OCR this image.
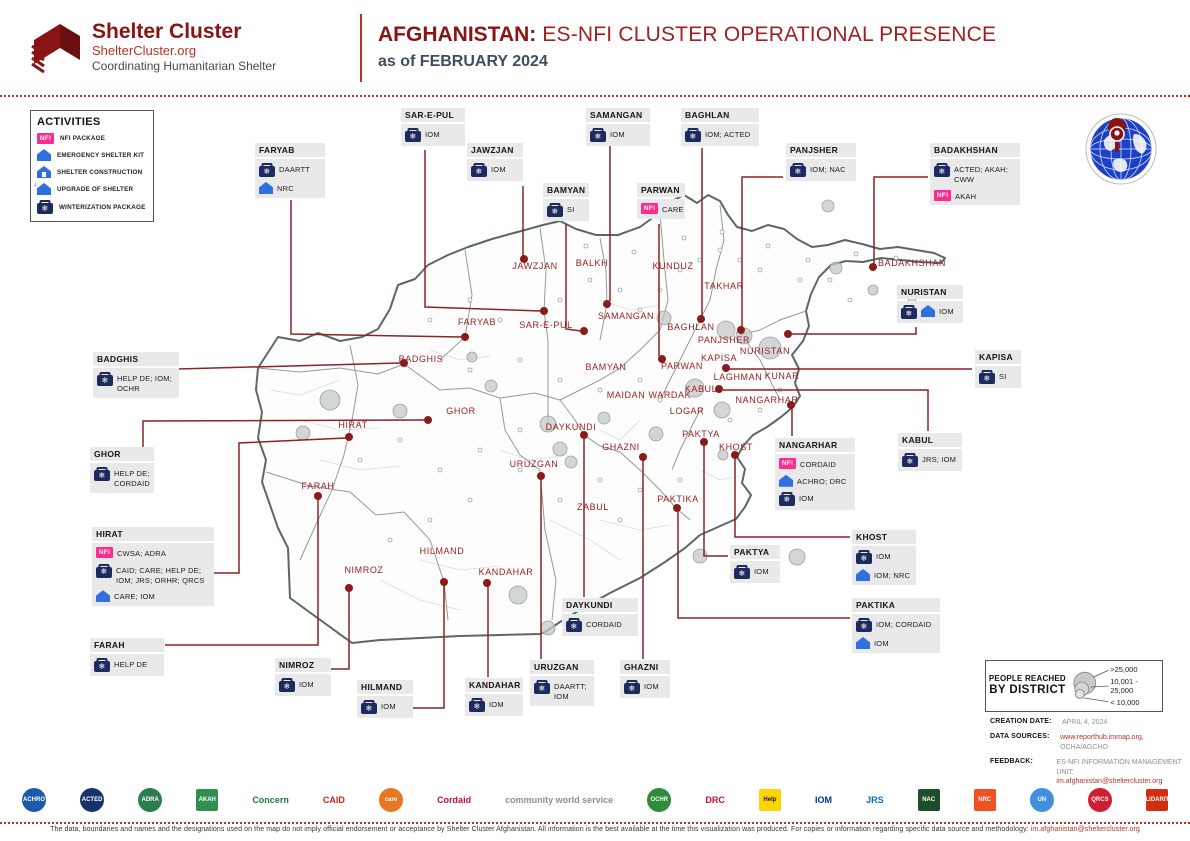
Shelter Cluster
ShelterCluster.org
Coordinating Humanitarian Shelter
AFGHANISTAN: ES-NFI CLUSTER OPERATIONAL PRESENCE
as of FEBRUARY 2024
ACTIVITIES
NFI	NFI PACKAGE
EMERGENCY SHELTER KIT
SHELTER CONSTRUCTION
↓
UPGRADE OF SHELTER
❄	WINTERIZATION PACKAGE
JAWZJAN BALKH	KUNDUZ
TAKHAR
BADAKHSHAN
FARYAB	SAR-E-PUL
SAMANGAN
BAGHLAN
PANJSHER
NURISTAN
BADGHIS
BAMYAN	PARWAN
KAPISA
LAGHMAN KUNAR
KABUL
MAIDAN WARDAK	NANGARHAR
LOGAR
GHOR
HIRAT	DAYKUNDI
GHAZNI
PAKTYA
KHOST
URUZGAN
FARAH
ZABUL
PAKTIKA
HILMAND
NIMROZ	KANDAHAR
SAR-E-PUL
❄	IOM
SAMANGAN
❄	IOM
BAGHLAN
❄	IOM; ACTED
FARYAB
❄	DAARTT
NRC
JAWZJAN
❄	IOM
PANJSHER
❄	IOM; NAC
BADAKHSHAN
❄	ACTED; AKAH; CWW
NFI AKAH
BAMYAN
❄	SI
PARWAN
NFI CARE
NURISTAN
❄	IOM
KAPISA
❄	SI
BADGHIS
❄	HELP DE; IOM; OCHR
KABUL
❄	JRS; IOM
NANGARHAR
NFI CORDAID
ACHRO; DRC
❄	IOM
GHOR
❄	HELP DE; CORDAID
HIRAT
NFI CWSA; ADRA
❄	CAID; CARE; HELP DE; IOM; JRS; ORHR; QRCS
CARE; IOM
KHOST
❄	IOM
IOM; NRC
PAKTYA
❄	IOM
DAYKUNDI
❄	CORDAID
PAKTIKA
❄	IOM; CORDAID
IOM
FARAH
❄	HELP DE	NIMROZ
❄	IOM
URUZGAN
❄	DAARTT; IOM
GHAZNI
❄	IOM
HILMAND
❄	IOM
KANDAHAR
❄	IOM
PEOPLE REACHED
BY DISTRICT
>25,000
10,001 - 25,000
< 10,000
CREATION DATE:	APRIL 4, 2024
DATA SOURCES:	www.reporthub.immap.org, OCHA/AGCHO
FEEDBACK:	ES-NFI INFORMATION MANAGEMENT UNIT:
im.afghanistan@sheltercluster.org
ACHRO	ACTED	ADRA	AKAH	Concern	CAID	care	Cordaid	community world service	OCHR	DRC	Help	IOM	JRS	NAC	NRC	UN	QRCS	SOLIDARITÉS
The data, boundaries and names and the designations used on the map do not imply official endorsement or acceptance by Shelter Cluster Afghanistan. All information is the best available at the time this visualization was produced. For copies or information regarding specific data source and methodology: im.afghanistan@sheltercluster.org
